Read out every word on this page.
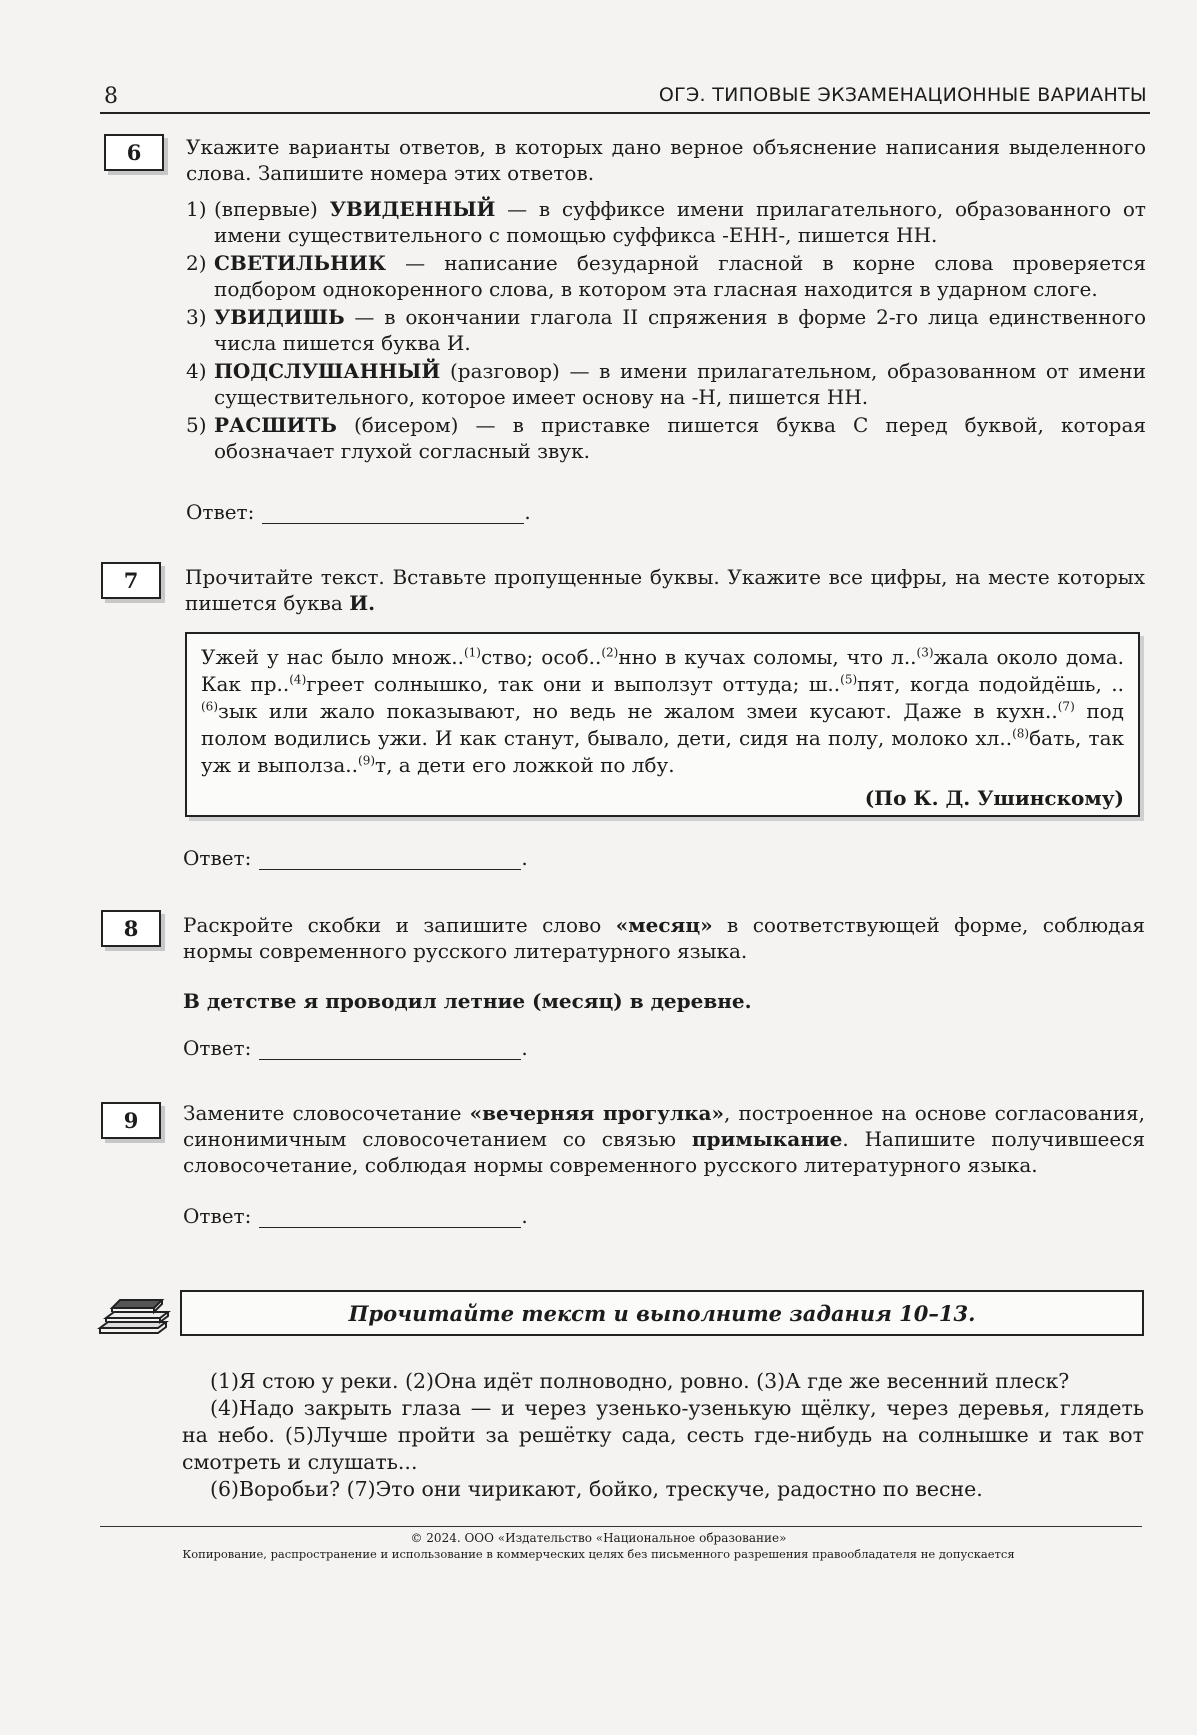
8	ОГЭ. ТИПОВЫЕ ЭКЗАМЕНАЦИОННЫЕ ВАРИАНТЫ
6	Укажите варианты ответов, в которых дано верное объяснение написания выделенного слова. Запишите номера этих ответов.
1) (впервые) УВИДЕННЫЙ — в суффиксе имени прилагательного, образованного от имени существительного с помощью суффикса -ЕНН-, пишется НН.
2) СВЕТИЛЬНИК — написание безударной гласной в корне слова проверяется подбором однокоренного слова, в котором эта гласная находится в ударном слоге.
3) УВИДИШЬ — в окончании глагола II спряжения в форме 2-го лица единственного числа пишется буква И.
4) ПОДСЛУШАННЫЙ (разговор) — в имени прилагательном, образованном от имени существительного, которое имеет основу на -Н, пишется НН.
5) РАСШИТЬ (бисером) — в приставке пишется буква С перед буквой, которая обозначает глухой согласный звук.
Ответ:	.
7	Прочитайте текст. Вставьте пропущенные буквы. Укажите все цифры, на месте которых пишется буква И.
Ужей у нас было множ..$^{(1)}$ство; особ..$^{(2)}$нно в кучах соломы, что л..$^{(3)}$жала около дома. Как пр..$^{(4)}$греет солнышко, так они и выползут оттуда; ш..$^{(5)}$пят, когда подойдёшь, ..$^{(6)}$зык или жало показывают, но ведь не жалом змеи кусают. Даже в кухн..$^{(7)}$ под полом водились ужи. И как станут, бывало, дети, сидя на полу, молоко хл..$^{(8)}$бать, так уж и выполза..$^{(9)}$т, а дети его ложкой по лбу.
(По К. Д. Ушинскому)
Ответ:	.
8	Раскройте скобки и запишите слово «месяц» в соответствующей форме, соблюдая нормы современного русского литературного языка.
В детстве я проводил летние (месяц) в деревне.
Ответ:	.
9	Замените словосочетание «вечерняя прогулка», построенное на основе согласования, синонимичным словосочетанием со связью примыкание. Напишите получившееся словосочетание, соблюдая нормы современного русского литературного языка.
Ответ:	.
Прочитайте текст и выполните задания 10–13.

(1)Я стою у реки. (2)Она идёт полноводно, ровно. (3)А где же весенний плеск?

(4)Надо закрыть глаза — и через узенько-узенькую щёлку, через деревья, глядеть на небо. (5)Лучше пройти за решётку сада, сесть где-нибудь на солнышке и так вот смотреть и слушать...

(6)Воробьи? (7)Это они чирикают, бойко, трескуче, радостно по весне.

© 2024. ООО «Издательство «Национальное образование»
Копирование, распространение и использование в коммерческих целях без письменного разрешения правообладателя не допускается
